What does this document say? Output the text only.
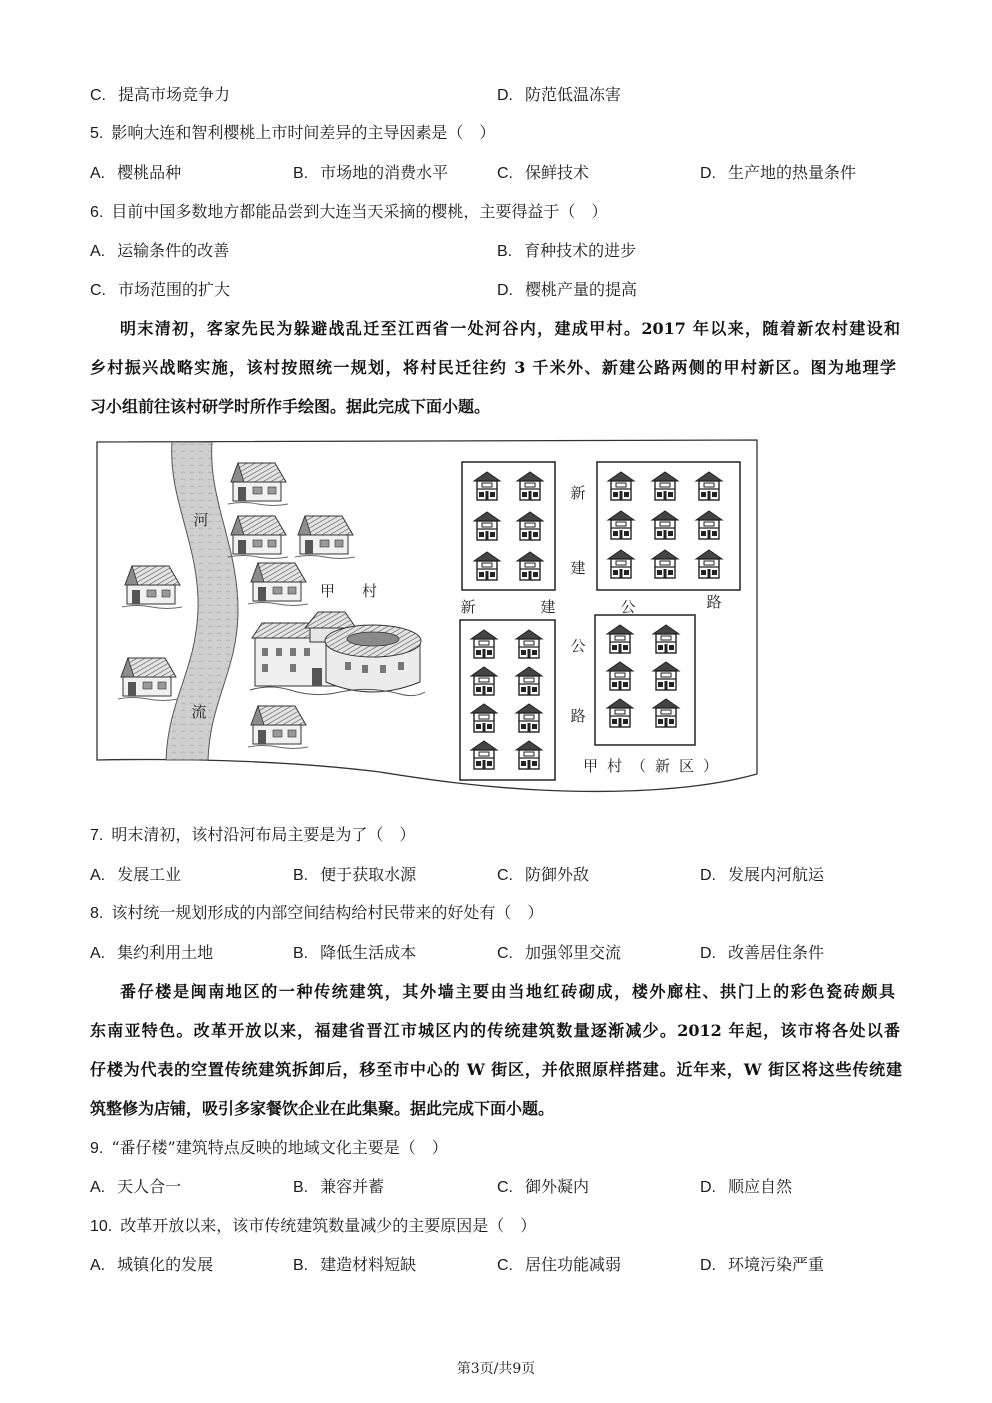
C. 提高市场竞争力	D. 防范低温冻害
5. 影响大连和智利樱桃上市时间差异的主导因素是（　）
A. 樱桃品种	B. 市场地的消费水平	C. 保鲜技术	D. 生产地的热量条件
6. 目前中国多数地方都能品尝到大连当天采摘的樱桃，主要得益于（　）
A. 运输条件的改善	B. 育种技术的进步
C. 市场范围的扩大	D. 樱桃产量的提高
明末清初，客家先民为躲避战乱迁至江西省一处河谷内，建成甲村。2017 年以来，随着新农村建设和
乡村振兴战略实施，该村按照统一规划，将村民迁往约 3 千米外、新建公路两侧的甲村新区。图为地理学
习小组前往该村研学时所作手绘图。据此完成下面小题。
河
流
甲村
新
建
公
路
新	建	公	路
甲村（新区）
7. 明末清初，该村沿河布局主要是为了（　）
A. 发展工业	B. 便于获取水源	C. 防御外敌	D. 发展内河航运
8. 该村统一规划形成的内部空间结构给村民带来的好处有（　）
A. 集约利用土地	B. 降低生活成本	C. 加强邻里交流	D. 改善居住条件
番仔楼是闽南地区的一种传统建筑，其外墙主要由当地红砖砌成，楼外廊柱、拱门上的彩色瓷砖颇具
东南亚特色。改革开放以来，福建省晋江市城区内的传统建筑数量逐渐减少。2012 年起，该市将各处以番
仔楼为代表的空置传统建筑拆卸后，移至市中心的 W 街区，并依照原样搭建。近年来，W 街区将这些传统建
筑整修为店铺，吸引多家餐饮企业在此集聚。据此完成下面小题。
9. “番仔楼”建筑特点反映的地域文化主要是（　）
A. 天人合一	B. 兼容并蓄	C. 御外凝内	D. 顺应自然
10. 改革开放以来，该市传统建筑数量减少的主要原因是（　）
A. 城镇化的发展	B. 建造材料短缺	C. 居住功能减弱	D. 环境污染严重
第3页/共9页
